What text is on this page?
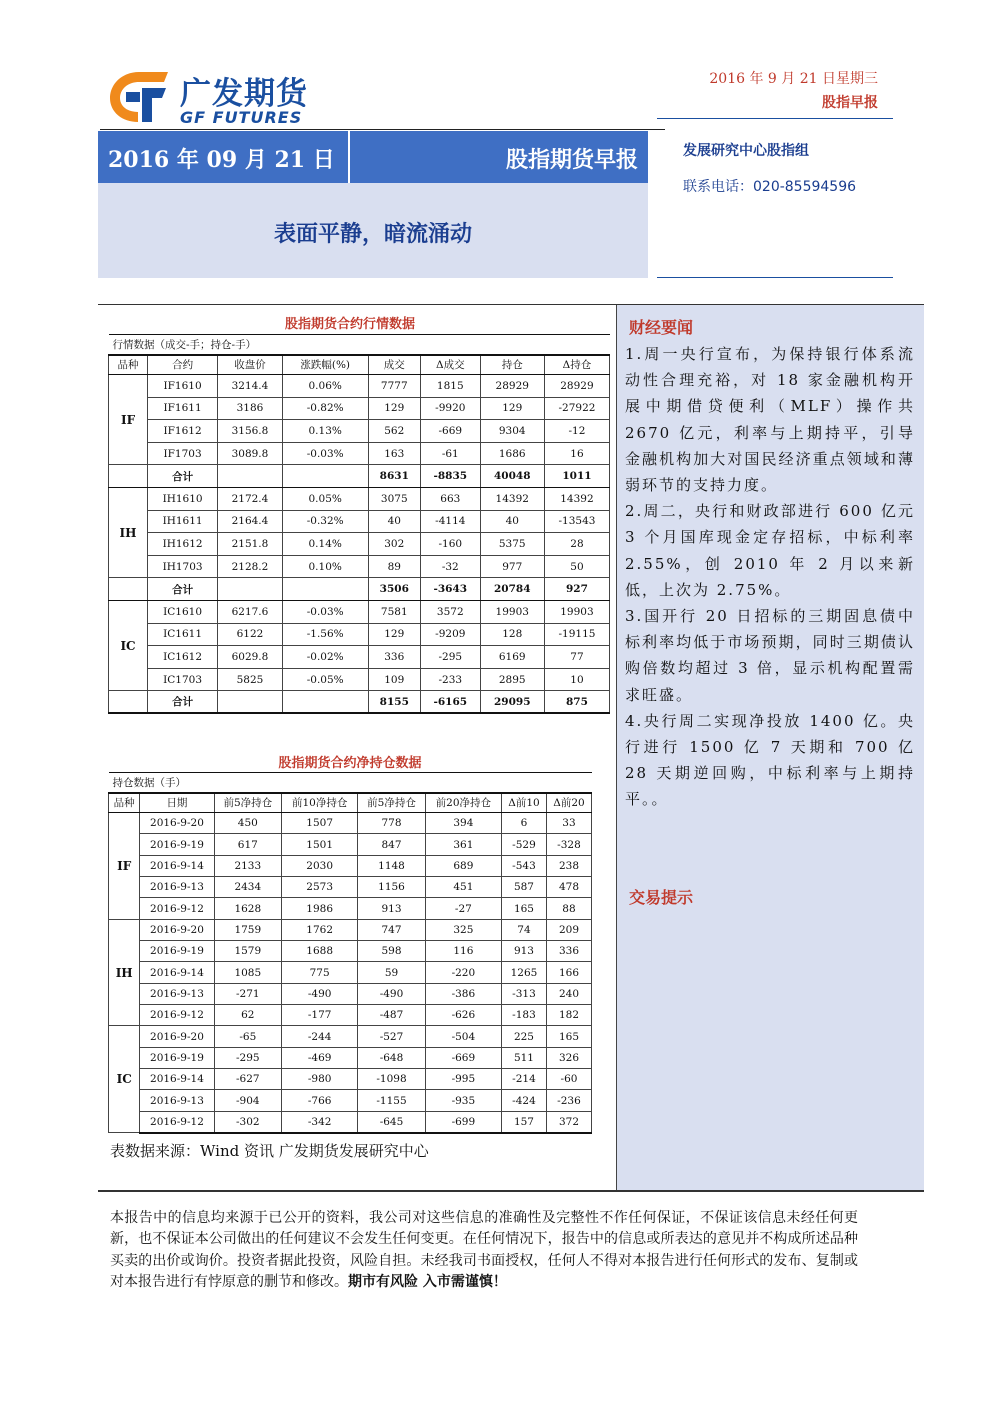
广发期货
GF FUTURES
2016 年 9 月 21 日星期三
股指早报
2016 年 09 月 21 日	股指期货早报
表面平静，暗流涌动
发展研究中心股指组
联系电话：020-85594596
股指期货合约行情数据
行情数据（成交-手；持仓-手）							
品种	合约	收盘价	涨跌幅(%)	成交	Δ成交	持仓	Δ持仓
IF	IF1610	3214.4	0.06%	7777	1815	28929	28929
	IF1611	3186	-0.82%	129	-9920	129	-27922
	IF1612	3156.8	0.13%	562	-669	9304	-12
	IF1703	3089.8	-0.03%	163	-61	1686	16
	合计			8631	-8835	40048	1011
IH	IH1610	2172.4	0.05%	3075	663	14392	14392
	IH1611	2164.4	-0.32%	40	-4114	40	-13543
	IH1612	2151.8	0.14%	302	-160	5375	28
	IH1703	2128.2	0.10%	89	-32	977	50
	合计			3506	-3643	20784	927
IC	IC1610	6217.6	-0.03%	7581	3572	19903	19903
	IC1611	6122	-1.56%	129	-9209	128	-19115
	IC1612	6029.8	-0.02%	336	-295	6169	77
	IC1703	5825	-0.05%	109	-233	2895	10
	合计			8155	-6165	29095	875
股指期货合约净持仓数据
持仓数据（手）							
品种	日期	前5净持仓	前10净持仓	前5净持仓	前20净持仓	Δ前10	Δ前20
IF	2016-9-20	450	1507	778	394	6	33
	2016-9-19	617	1501	847	361	-529	-328
	2016-9-14	2133	2030	1148	689	-543	238
	2016-9-13	2434	2573	1156	451	587	478
	2016-9-12	1628	1986	913	-27	165	88
IH	2016-9-20	1759	1762	747	325	74	209
	2016-9-19	1579	1688	598	116	913	336
	2016-9-14	1085	775	59	-220	1265	166
	2016-9-13	-271	-490	-490	-386	-313	240
	2016-9-12	62	-177	-487	-626	-183	182
IC	2016-9-20	-65	-244	-527	-504	225	165
	2016-9-19	-295	-469	-648	-669	511	326
	2016-9-14	-627	-980	-1098	-995	-214	-60
	2016-9-13	-904	-766	-1155	-935	-424	-236
	2016-9-12	-302	-342	-645	-699	157	372
表数据来源：Wind 资讯 广发期货发展研究中心
财经要闻

1.周一央行宣布，为保持银行体系流动性合理充裕，对 18 家金融机构开展中期借贷便利（MLF）操作共 2670 亿元，利率与上期持平，引导金融机构加大对国民经济重点领域和薄弱环节的支持力度。

2.周二，央行和财政部进行 600 亿元 3 个月国库现金定存招标，中标利率 2.55%，创 2010 年 2 月以来新低，上次为 2.75%。

3.国开行 20 日招标的三期固息债中标利率均低于市场预期，同时三期债认购倍数均超过 3 倍，显示机构配置需求旺盛。

4.央行周二实现净投放 1400 亿。央行进行 1500 亿 7 天期和 700 亿 28 天期逆回购，中标利率与上期持平。。

交易提示
本报告中的信息均来源于已公开的资料，我公司对这些信息的准确性及完整性不作任何保证，不保证该信息未经任何更新，也不保证本公司做出的任何建议不会发生任何变更。在任何情况下，报告中的信息或所表达的意见并不构成所述品种买卖的出价或询价。投资者据此投资，风险自担。未经我司书面授权，任何人不得对本报告进行任何形式的发布、复制或对本报告进行有悖原意的删节和修改。期市有风险 入市需谨慎！
